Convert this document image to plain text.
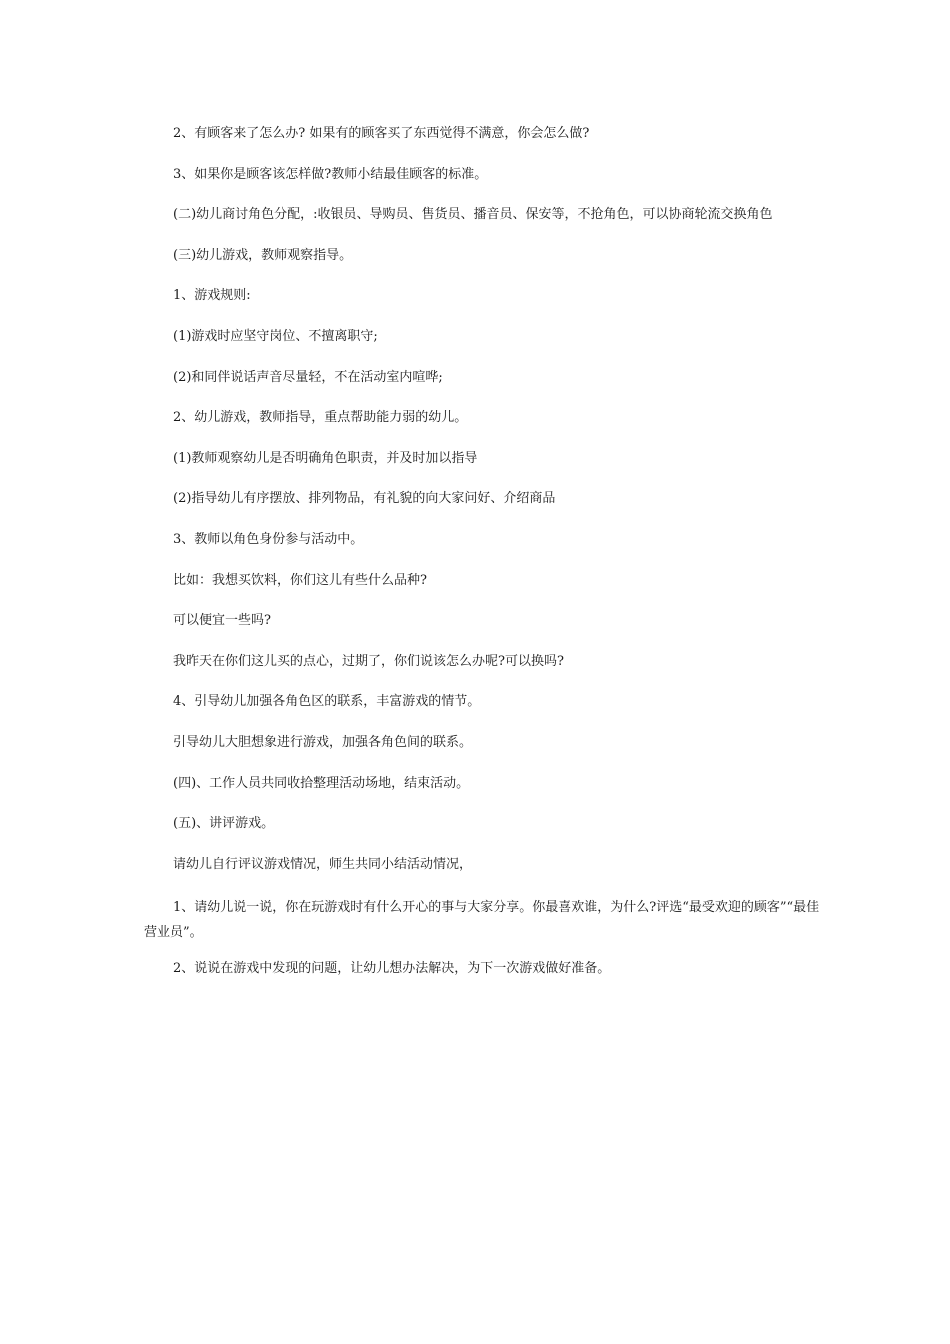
2、有顾客来了怎么办? 如果有的顾客买了东西觉得不满意，你会怎么做?

3、如果你是顾客该怎样做?教师小结最佳顾客的标准。

(二)幼儿商讨角色分配，:收银员、导购员、售货员、播音员、保安等，不抢角色，可以协商轮流交换角色

(三)幼儿游戏，教师观察指导。

1、游戏规则:

(1)游戏时应坚守岗位、不擅离职守;

(2)和同伴说话声音尽量轻，不在活动室内喧哗;

2、幼儿游戏，教师指导，重点帮助能力弱的幼儿。

(1)教师观察幼儿是否明确角色职责，并及时加以指导

(2)指导幼儿有序摆放、排列物品，有礼貌的向大家问好、介绍商品

3、教师以角色身份参与活动中。

比如：我想买饮料，你们这儿有些什么品种?

可以便宜一些吗?

我昨天在你们这儿买的点心，过期了，你们说该怎么办呢?可以换吗?

4、引导幼儿加强各角色区的联系，丰富游戏的情节。

引导幼儿大胆想象进行游戏，加强各角色间的联系。

(四)、工作人员共同收拾整理活动场地，结束活动。

(五)、讲评游戏。

请幼儿自行评议游戏情况，师生共同小结活动情况，

1、请幼儿说一说，你在玩游戏时有什么开心的事与大家分享。你最喜欢谁，为什么?评选“最受欢迎的顾客”“最佳营业员”。

2、说说在游戏中发现的问题，让幼儿想办法解决，为下一次游戏做好准备。
